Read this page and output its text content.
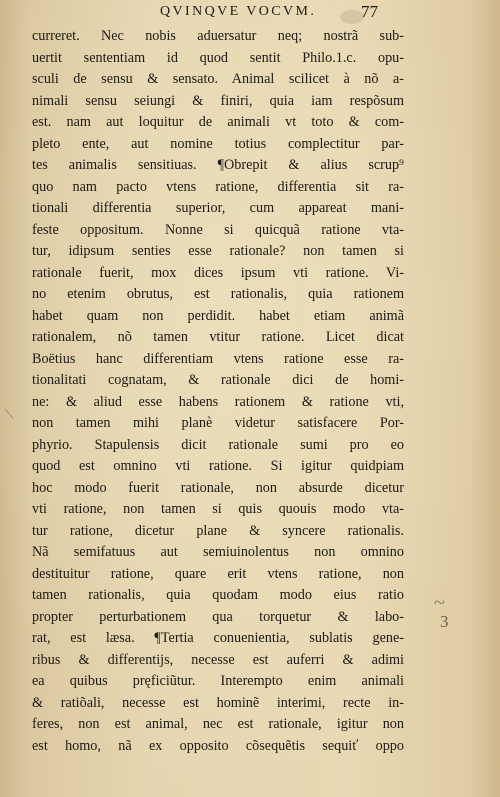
QVINQVE VOCVM.	77
curreret. Nec nobis aduersatur neq; nostrã sub-
uertit sententiam id quod sentit Philo.1.c. opu-
sculi de sensu & sensato. Animal scilicet à nõ a-
nimali sensu seiungi & finiri, quia iam respõsum
est. nam aut loquitur de animali vt toto & com-
pleto ente, aut nomine totius complectitur par-
tes animalis sensitiuas. ¶Obrepit & alius scrup⁹
quo nam pacto vtens ratione, differentia sit ra-
tionali differentia superior, cum appareat mani-
feste oppositum. Nonne si quicquã ratione vta-
tur, idipsum senties esse rationale? non tamen si
rationale fuerit, mox dices ipsum vti ratione. Vi-
no etenim obrutus, est rationalis, quia rationem
habet quam non perdidit. habet etiam animã
rationalem, nõ tamen vtitur ratione. Licet dicat
Boëtius hanc differentiam vtens ratione esse ra-
tionalitati cognatam, & rationale dici de homi-
ne: & aliud esse habens rationem & ratione vti,
non tamen mihi planè videtur satisfacere Por-
phyrio. Stapulensis dicit rationale sumi pro eo
quod est omnino vti ratione. Si igitur quidpiam
hoc modo fuerit rationale, non absurde dicetur
vti ratione, non tamen si quis quouis modo vta-
tur ratione, dicetur plane & syncere rationalis.
Nã semifatuus aut semiuinolentus non omnino
destituitur ratione, quare erit vtens ratione, non
tamen rationalis, quia quodam modo eius ratio
propter perturbationem qua torquetur & labo-
rat, est læsa. ¶Tertia conuenientia, sublatis gene-
ribus & differentijs, necesse est auferri & adimi
ea quibus pręficiũtur. Interempto enim animali
& ratiõali, necesse est hominẽ interimi, recte in-
feres, non est animal, nec est rationale, igitur non
est homo, nã ex opposito cõsequẽtis sequiť oppo
~
3
\
